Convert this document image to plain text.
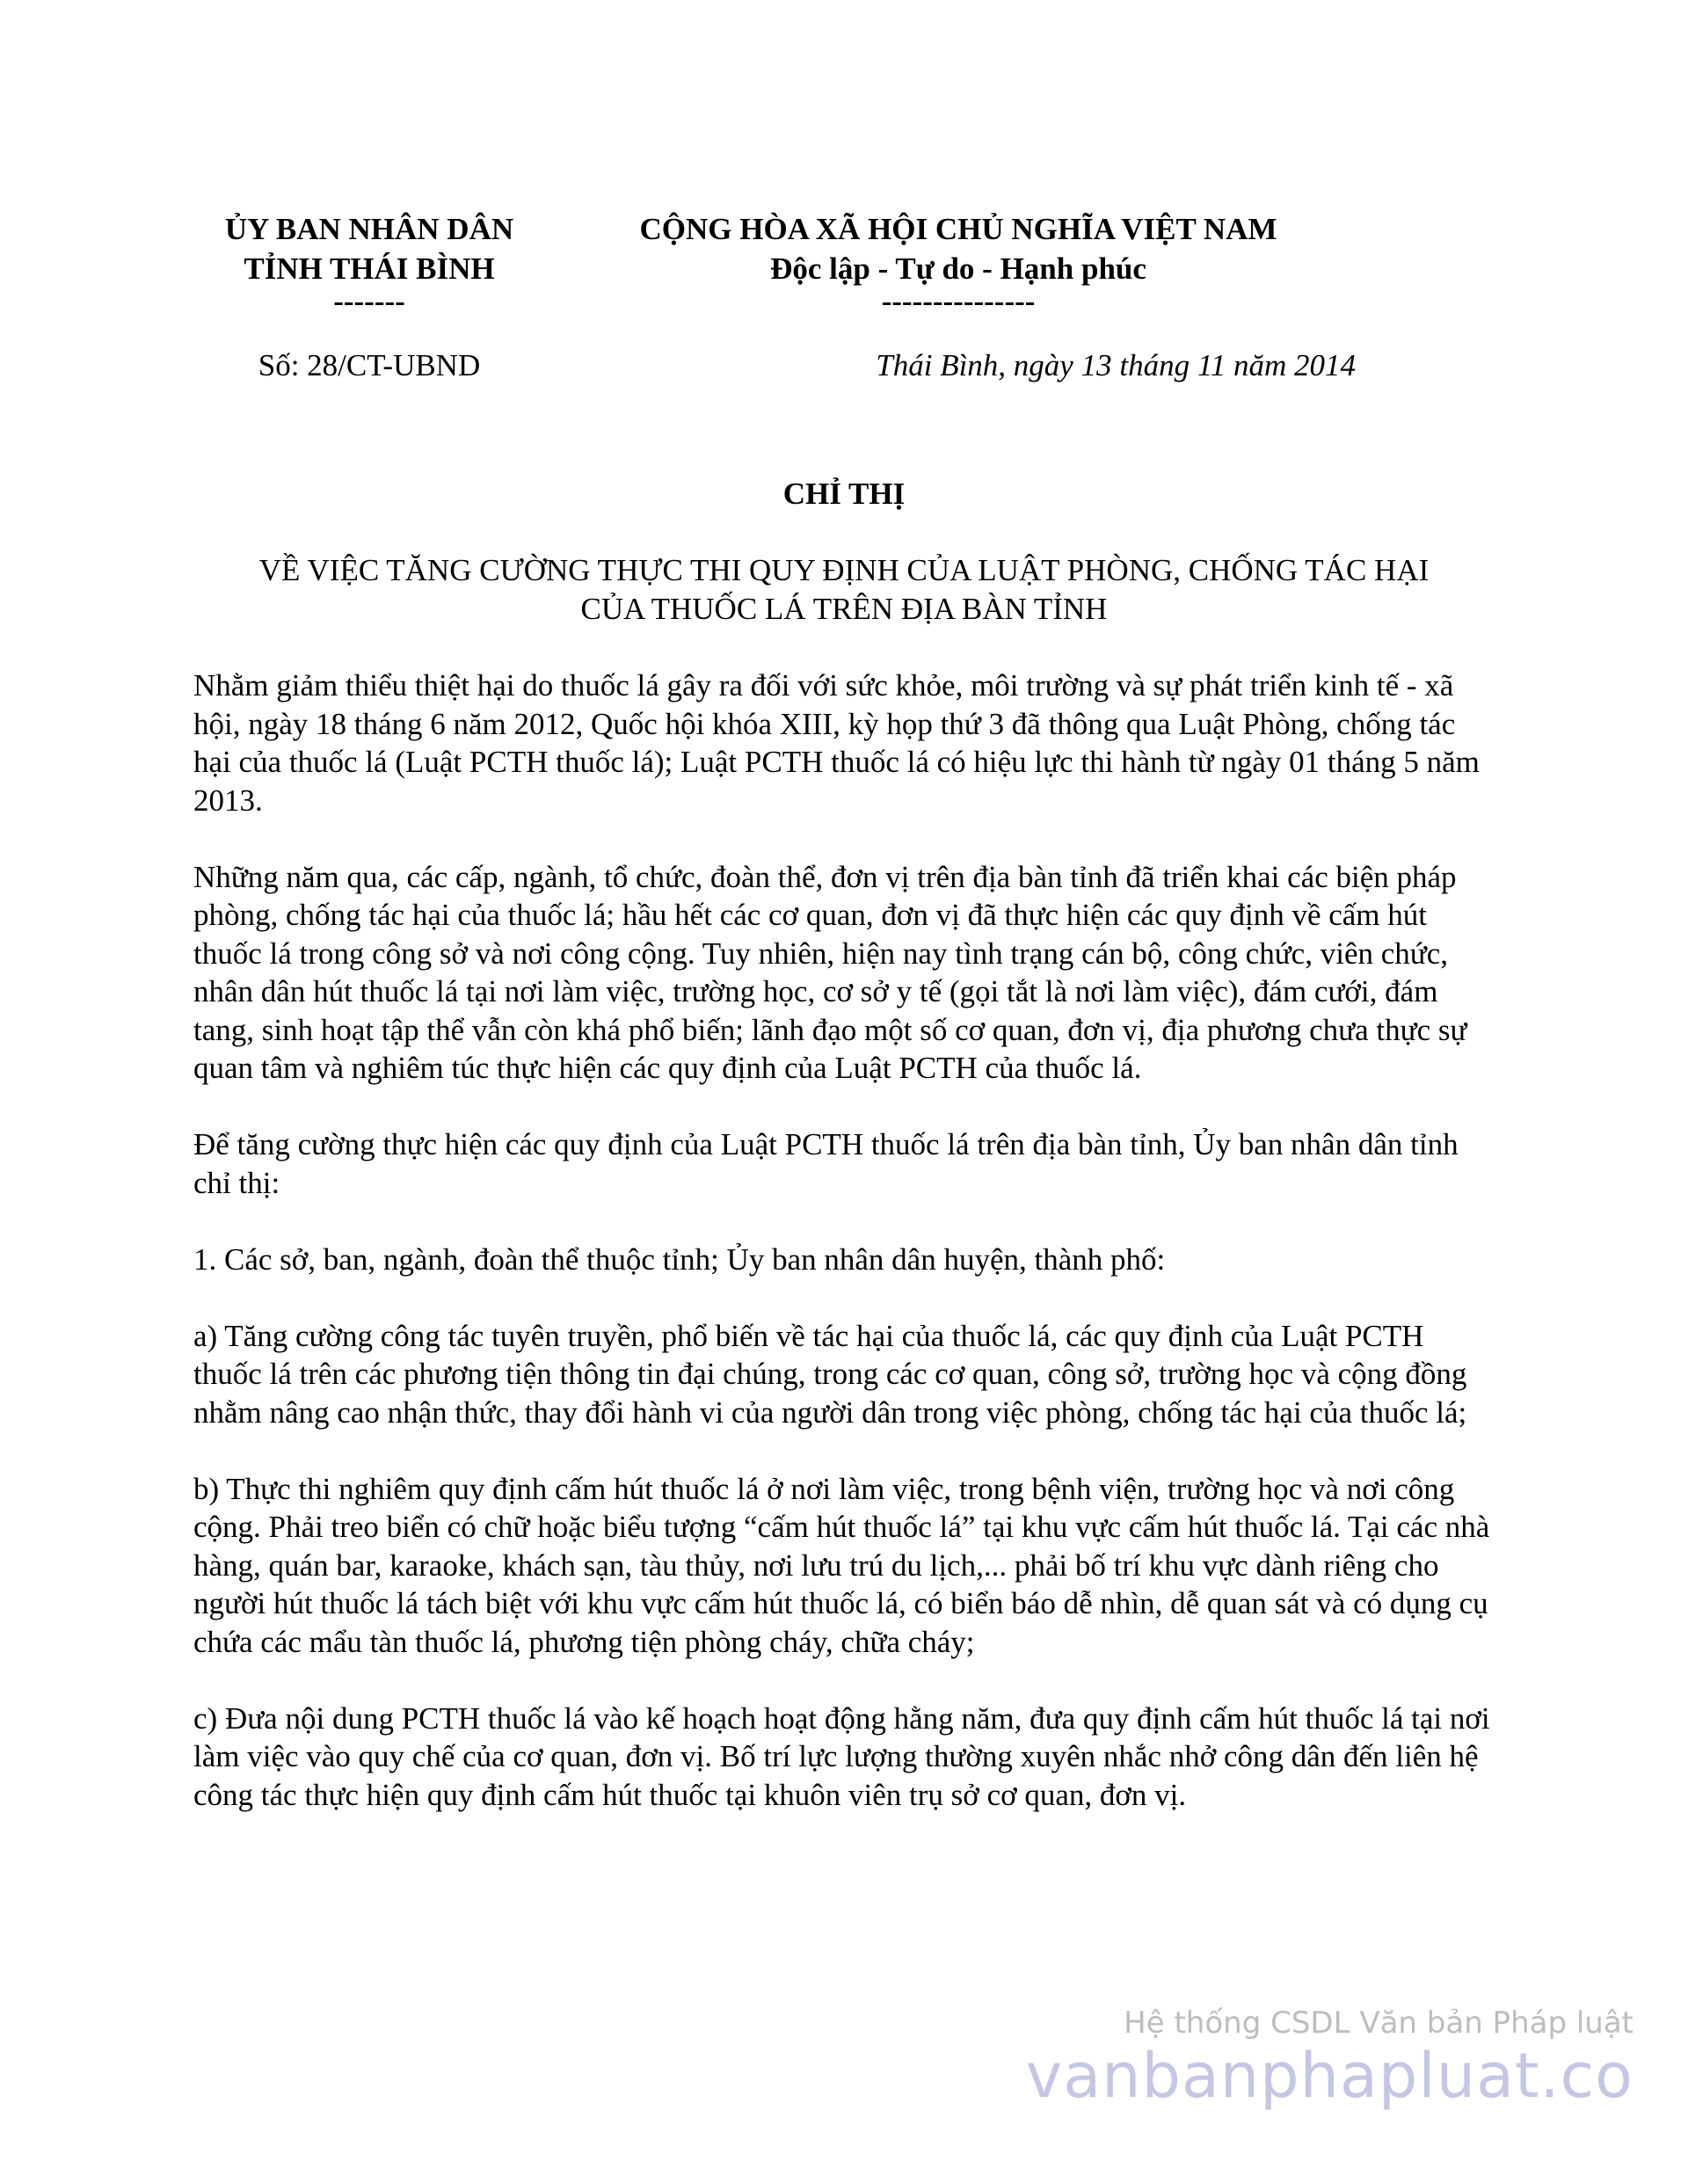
ỦY BAN NHÂN DÂN
TỈNH THÁI BÌNH
-------
CỘNG HÒA XÃ HỘI CHỦ NGHĨA VIỆT NAM
Độc lập - Tự do - Hạnh phúc
---------------
Số: 28/CT-UBND	Thái Bình, ngày 13 tháng 11 năm 2014
CHỈ THỊ
VỀ VIỆC TĂNG CƯỜNG THỰC THI QUY ĐỊNH CỦA LUẬT PHÒNG, CHỐNG TÁC HẠI
CỦA THUỐC LÁ TRÊN ĐỊA BÀN TỈNH

Nhằm giảm thiểu thiệt hại do thuốc lá gây ra đối với sức khỏe, môi trường và sự phát triển kinh tế - xã hội, ngày 18 tháng 6 năm 2012, Quốc hội khóa XIII, kỳ họp thứ 3 đã thông qua Luật Phòng, chống tác hại của thuốc lá (Luật PCTH thuốc lá); Luật PCTH thuốc lá có hiệu lực thi hành từ ngày 01 tháng 5 năm 2013.

Những năm qua, các cấp, ngành, tổ chức, đoàn thể, đơn vị trên địa bàn tỉnh đã triển khai các biện pháp phòng, chống tác hại của thuốc lá; hầu hết các cơ quan, đơn vị đã thực hiện các quy định về cấm hút thuốc lá trong công sở và nơi công cộng. Tuy nhiên, hiện nay tình trạng cán bộ, công chức, viên chức, nhân dân hút thuốc lá tại nơi làm việc, trường học, cơ sở y tế (gọi tắt là nơi làm việc), đám cưới, đám tang, sinh hoạt tập thể vẫn còn khá phổ biến; lãnh đạo một số cơ quan, đơn vị, địa phương chưa thực sự quan tâm và nghiêm túc thực hiện các quy định của Luật PCTH của thuốc lá.

Để tăng cường thực hiện các quy định của Luật PCTH thuốc lá trên địa bàn tỉnh, Ủy ban nhân dân tỉnh chỉ thị:

1. Các sở, ban, ngành, đoàn thể thuộc tỉnh; Ủy ban nhân dân huyện, thành phố:

a) Tăng cường công tác tuyên truyền, phổ biến về tác hại của thuốc lá, các quy định của Luật PCTH thuốc lá trên các phương tiện thông tin đại chúng, trong các cơ quan, công sở, trường học và cộng đồng nhằm nâng cao nhận thức, thay đổi hành vi của người dân trong việc phòng, chống tác hại của thuốc lá;

b) Thực thi nghiêm quy định cấm hút thuốc lá ở nơi làm việc, trong bệnh viện, trường học và nơi công cộng. Phải treo biển có chữ hoặc biểu tượng “cấm hút thuốc lá” tại khu vực cấm hút thuốc lá. Tại các nhà hàng, quán bar, karaoke, khách sạn, tàu thủy, nơi lưu trú du lịch,... phải bố trí khu vực dành riêng cho người hút thuốc lá tách biệt với khu vực cấm hút thuốc lá, có biển báo dễ nhìn, dễ quan sát và có dụng cụ chứa các mẩu tàn thuốc lá, phương tiện phòng cháy, chữa cháy;

c) Đưa nội dung PCTH thuốc lá vào kế hoạch hoạt động hằng năm, đưa quy định cấm hút thuốc lá tại nơi làm việc vào quy chế của cơ quan, đơn vị. Bố trí lực lượng thường xuyên nhắc nhở công dân đến liên hệ công tác thực hiện quy định cấm hút thuốc tại khuôn viên trụ sở cơ quan, đơn vị.

Hệ thống CSDL Văn bản Pháp luật
vanbanphapluat.co
